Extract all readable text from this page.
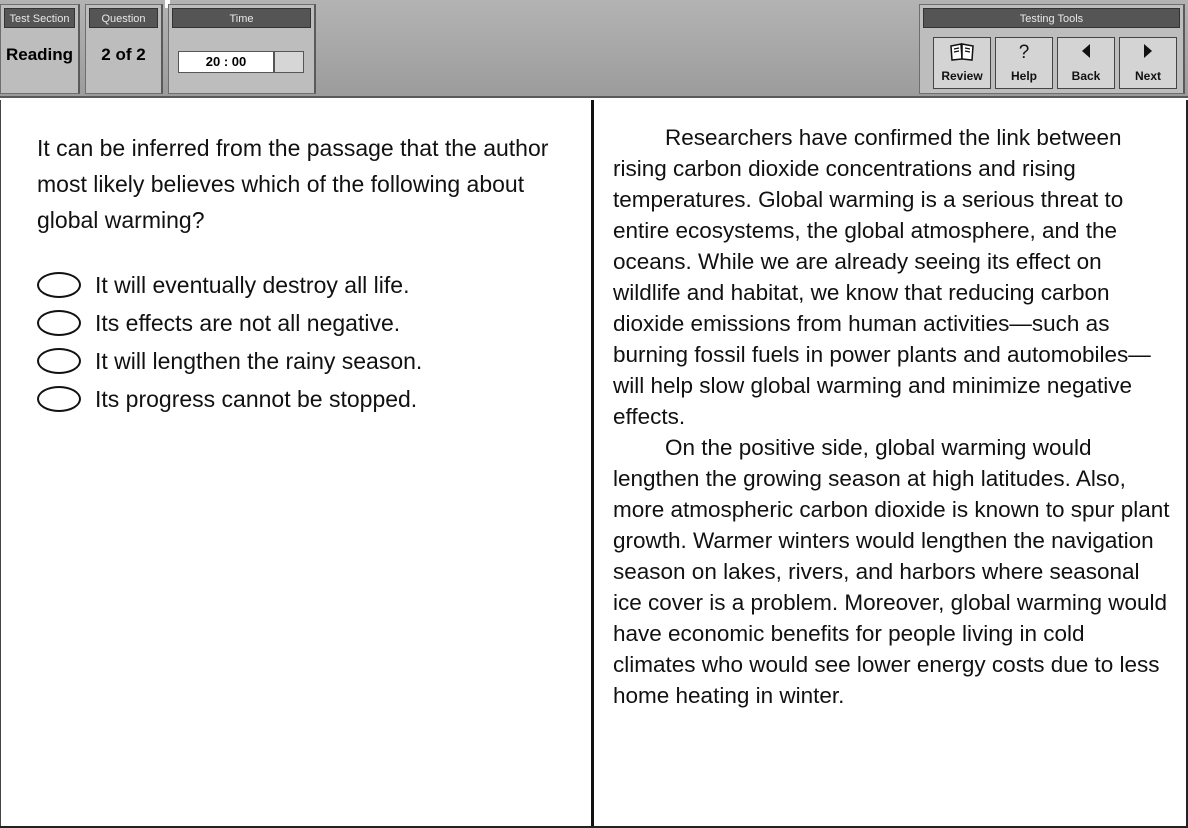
Test Section
Reading
Question
2 of 2
Time
20 : 00
Testing Tools
Review
?
Help	Back	Next
It can be inferred from the passage that the author most likely believes which of the following about global warming?
It will eventually destroy all life.
Its effects are not all negative.
It will lengthen the rainy season.
Its progress cannot be stopped.

Researchers have confirmed the link between rising carbon dioxide concentrations and rising temperatures. Global warming is a serious threat to entire ecosystems, the global atmosphere, and the oceans. While we are already seeing its effect on wildlife and habitat, we know that reducing carbon dioxide emissions from human activities—such as burning fossil fuels in power plants and automobiles—will help slow global warming and minimize negative effects.

On the positive side, global warming would lengthen the growing season at high latitudes. Also, more atmospheric carbon dioxide is known to spur plant growth. Warmer winters would lengthen the navigation season on lakes, rivers, and harbors where seasonal ice cover is a problem. Moreover, global warming would have economic benefits for people living in cold climates who would see lower energy costs due to less home heating in winter.
